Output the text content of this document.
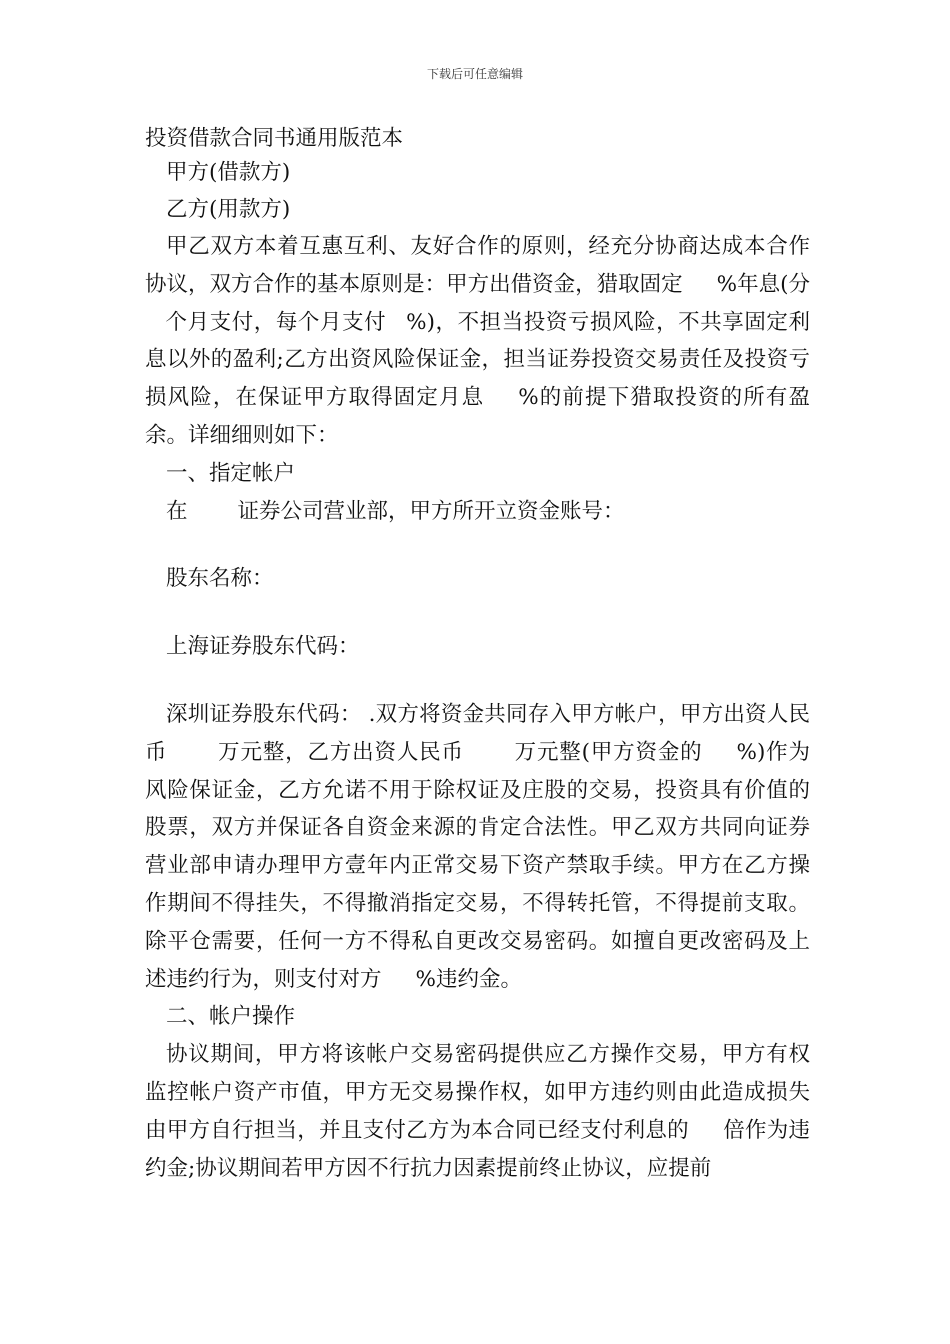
下载后可任意编辑
投资借款合同书通用版范本

甲方(借款方)

乙方(用款方)

甲乙双方本着互惠互利、友好合作的原则，经充分协商达成本合作协议，双方合作的基本原则是：甲方出借资金，猎取固定 %年息(分个月支付，每个月支付 %)，不担当投资亏损风险，不共享固定利息以外的盈利;乙方出资风险保证金，担当证券投资交易责任及投资亏损风险，在保证甲方取得固定月息 %的前提下猎取投资的所有盈余。详细细则如下：

一、指定帐户

在 证券公司营业部，甲方所开立资金账号：

股东名称：

上海证券股东代码：

深圳证券股东代码： .双方将资金共同存入甲方帐户，甲方出资人民币 万元整，乙方出资人民币 万元整(甲方资金的 %)作为风险保证金，乙方允诺不用于除权证及庄股的交易，投资具有价值的股票，双方并保证各自资金来源的肯定合法性。甲乙双方共同向证券营业部申请办理甲方壹年内正常交易下资产禁取手续。甲方在乙方操作期间不得挂失，不得撤消指定交易，不得转托管，不得提前支取。除平仓需要，任何一方不得私自更改交易密码。如擅自更改密码及上述违约行为，则支付对方 %违约金。

二、帐户操作

协议期间，甲方将该帐户交易密码提供应乙方操作交易，甲方有权监控帐户资产市值，甲方无交易操作权，如甲方违约则由此造成损失由甲方自行担当，并且支付乙方为本合同已经支付利息的 倍作为违约金;协议期间若甲方因不行抗力因素提前终止协议，应提前
